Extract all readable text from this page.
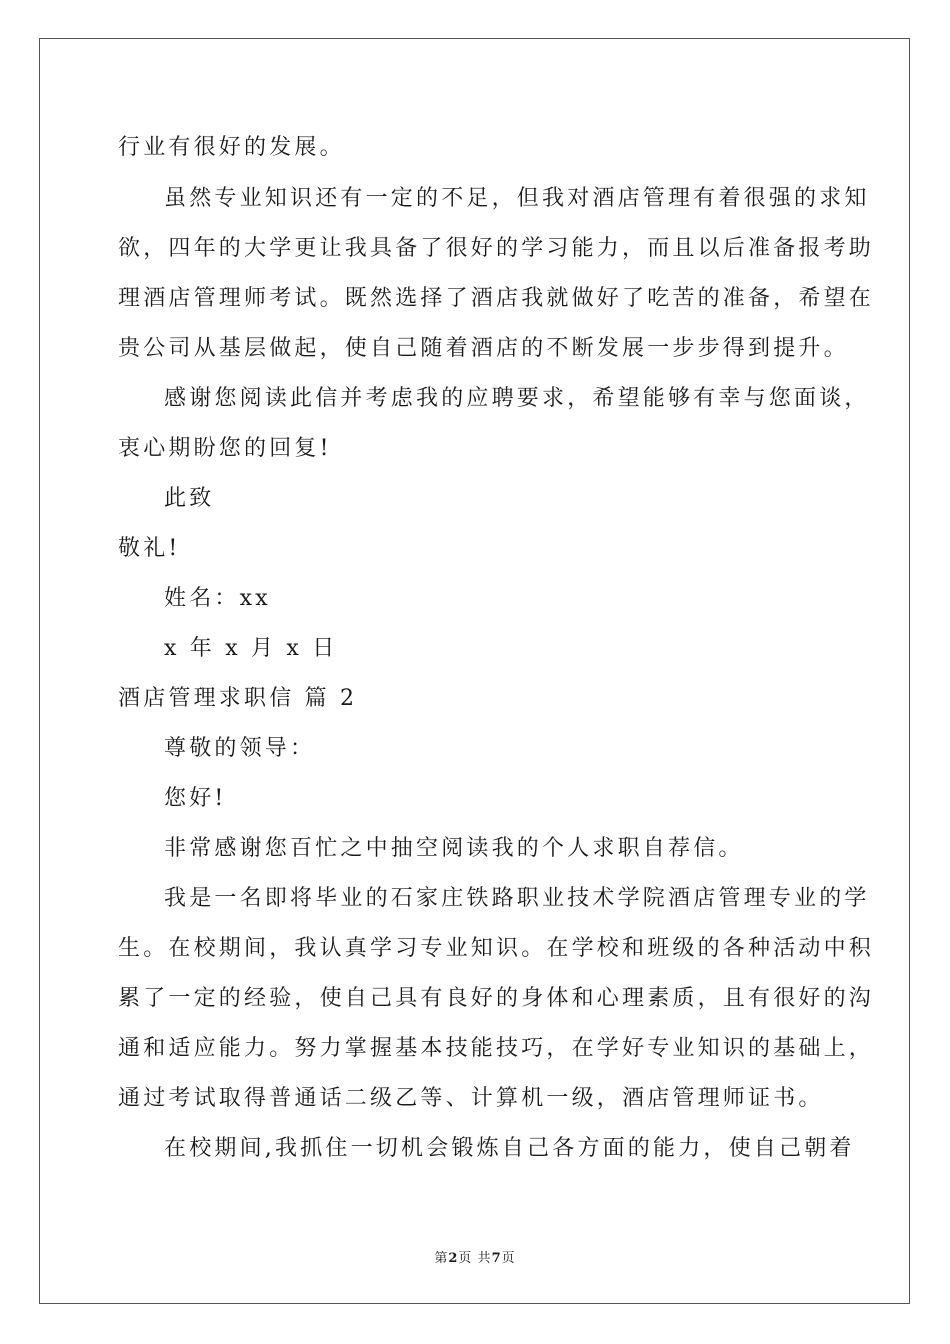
行业有很好的发展。
虽然专业知识还有一定的不足，但我对酒店管理有着很强的求知
欲，四年的大学更让我具备了很好的学习能力，而且以后准备报考助
理酒店管理师考试。既然选择了酒店我就做好了吃苦的准备，希望在
贵公司从基层做起，使自己随着酒店的不断发展一步步得到提升。
感谢您阅读此信并考虑我的应聘要求，希望能够有幸与您面谈，
衷心期盼您的回复!
此致
敬礼!
姓名：xx
x 年 x 月 x 日
酒店管理求职信 篇 2
尊敬的领导：
您好!
非常感谢您百忙之中抽空阅读我的个人求职自荐信。
我是一名即将毕业的石家庄铁路职业技术学院酒店管理专业的学
生。在校期间，我认真学习专业知识。在学校和班级的各种活动中积
累了一定的经验，使自己具有良好的身体和心理素质，且有很好的沟
通和适应能力。努力掌握基本技能技巧，在学好专业知识的基础上，
通过考试取得普通话二级乙等、计算机一级，酒店管理师证书。
在校期间,我抓住一切机会锻炼自己各方面的能力，使自己朝着
第2页 共7页
